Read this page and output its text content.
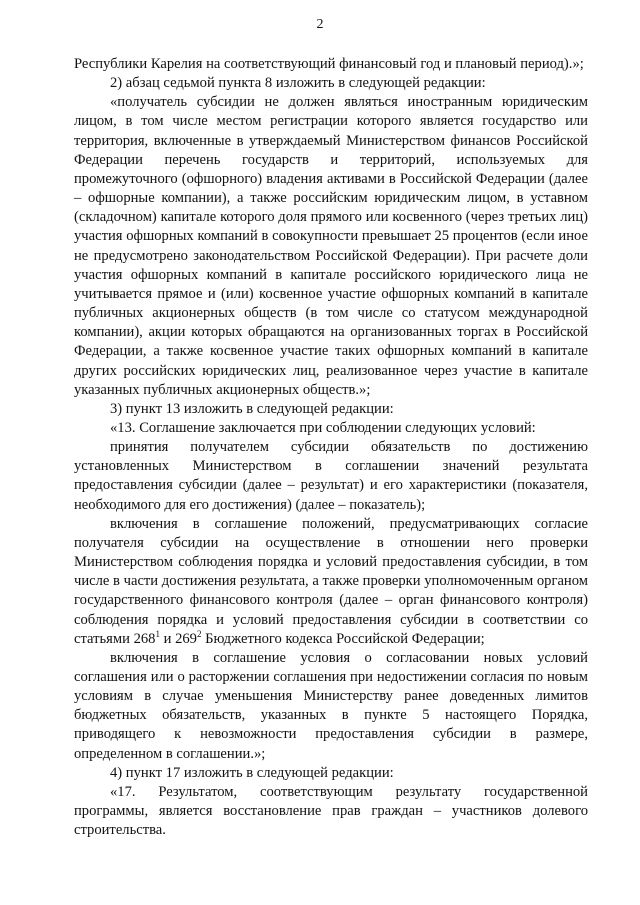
2

Республики Карелия на соответствующий финансовый год и плановый период).»;

2) абзац седьмой пункта 8 изложить в следующей редакции:

«получатель субсидии не должен являться иностранным юридическим лицом, в том числе местом регистрации которого является государство или территория, включенные в утверждаемый Министерством финансов Российской Федерации перечень государств и территорий, используемых для промежуточного (офшорного) владения активами в Российской Федерации (далее – офшорные компании), а также российским юридическим лицом, в уставном (складочном) капитале которого доля прямого или косвенного (через третьих лиц) участия офшорных компаний в совокупности превышает 25 процентов (если иное не предусмотрено законодательством Российской Федерации). При расчете доли участия офшорных компаний в капитале российского юридического лица не учитывается прямое и (или) косвенное участие офшорных компаний в капитале публичных акционерных обществ (в том числе со статусом международной компании), акции которых обращаются на организованных торгах в Российской Федерации, а также косвенное участие таких офшорных компаний в капитале других российских юридических лиц, реализованное через участие в капитале указанных публичных акционерных обществ.»;

3) пункт 13 изложить в следующей редакции:

«13. Соглашение заключается при соблюдении следующих условий:

принятия получателем субсидии обязательств по достижению установленных Министерством в соглашении значений результата предоставления субсидии (далее – результат) и его характеристики (показателя, необходимого для его достижения) (далее – показатель);

включения в соглашение положений, предусматривающих согласие получателя субсидии на осуществление в отношении него проверки Министерством соблюдения порядка и условий предоставления субсидии, в том числе в части достижения результата, а также проверки уполномоченным органом государственного финансового контроля (далее – орган финансового контроля) соблюдения порядка и условий предоставления субсидии в соответствии со статьями $268^1$ и $269^2$ Бюджетного кодекса Российской Федерации;

включения в соглашение условия о согласовании новых условий соглашения или о расторжении соглашения при недостижении согласия по новым условиям в случае уменьшения Министерству ранее доведенных лимитов бюджетных обязательств, указанных в пункте 5 настоящего Порядка, приводящего к невозможности предоставления субсидии в размере, определенном в соглашении.»;

4) пункт 17 изложить в следующей редакции:

«17. Результатом, соответствующим результату государственной программы, является восстановление прав граждан – участников долевого строительства.
